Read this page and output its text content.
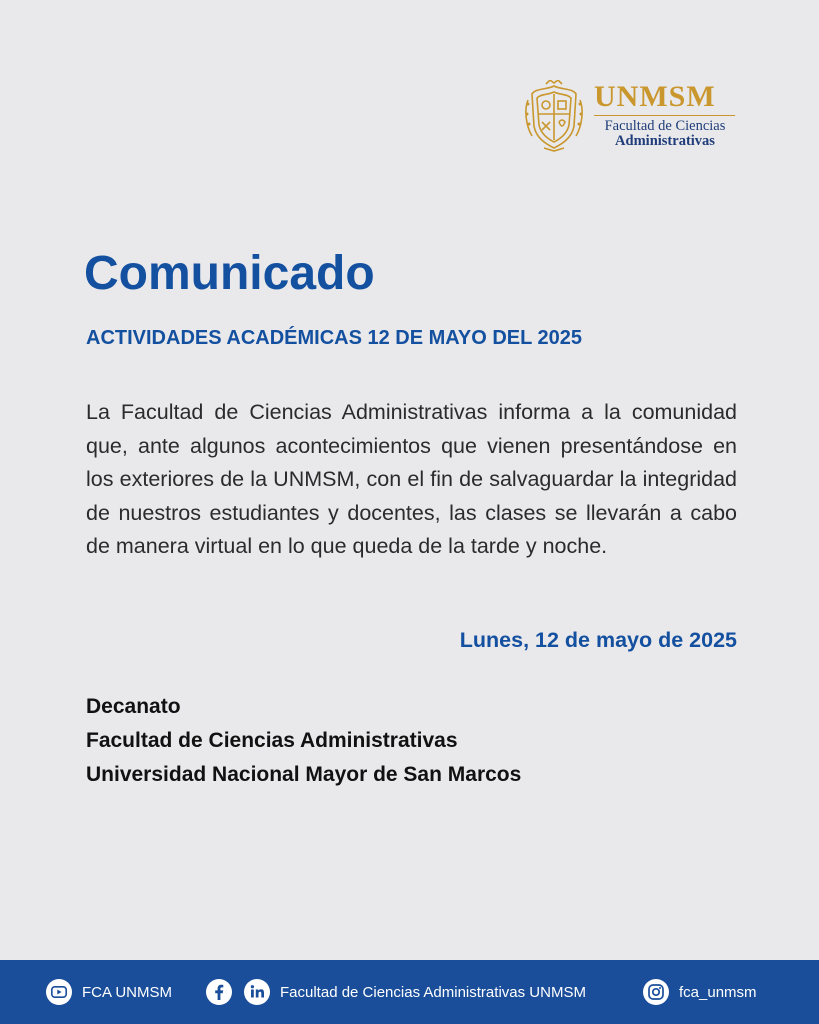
UNMSM
Facultad de Ciencias
Administrativas
Comunicado
ACTIVIDADES ACADÉMICAS 12 DE MAYO DEL 2025
La Facultad de Ciencias Administrativas informa a la comunidad que, ante algunos acontecimientos que vienen presentándose en los exteriores de la UNMSM, con el fin de salvaguardar la integridad de nuestros estudiantes y docentes, las clases se llevarán a cabo de manera virtual en lo que queda de la tarde y noche.
Lunes, 12 de mayo de 2025
Decanato
Facultad de Ciencias Administrativas
Universidad Nacional Mayor de San Marcos
FCA UNMSM	Facultad de Ciencias Administrativas UNMSM	fca_unmsm
